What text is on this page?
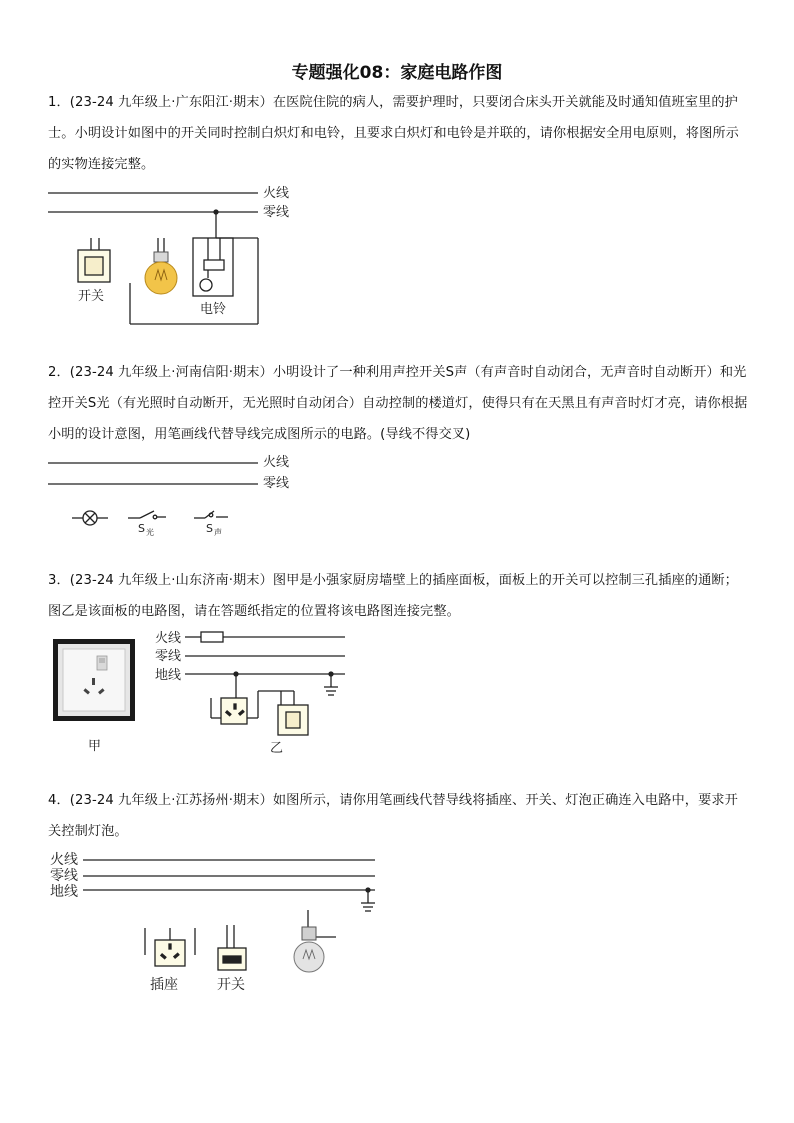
专题强化08：家庭电路作图
1．(23-24 九年级上·广东阳江·期末）在医院住院的病人，需要护理时，只要闭合床头开关就能及时通知值班室里的护士。小明设计如图中的开关同时控制白炽灯和电铃，且要求白炽灯和电铃是并联的，请你根据安全用电原则，将图所示的实物连接完整。
2．(23-24 九年级上·河南信阳·期末）小明设计了一种利用声控开关S声（有声音时自动闭合，无声音时自动断开）和光控开关S光（有光照时自动断开，无光照时自动闭合）自动控制的楼道灯，使得只有在天黑且有声音时灯才亮，请你根据小明的设计意图，用笔画线代替导线完成图所示的电路。(导线不得交叉)
3．(23-24 九年级上·山东济南·期末）图甲是小强家厨房墙壁上的插座面板，面板上的开关可以控制三孔插座的通断；图乙是该面板的电路图，请在答题纸指定的位置将该电路图连接完整。
4．(23-24 九年级上·江苏扬州·期末）如图所示，请你用笔画线代替导线将插座、开关、灯泡正确连入电路中，要求开关控制灯泡。
火线
零线
开关
电铃
火线
零线
S 光	S 声
甲
火线
零线
地线
乙
火线
零线
地线
插座	开关
